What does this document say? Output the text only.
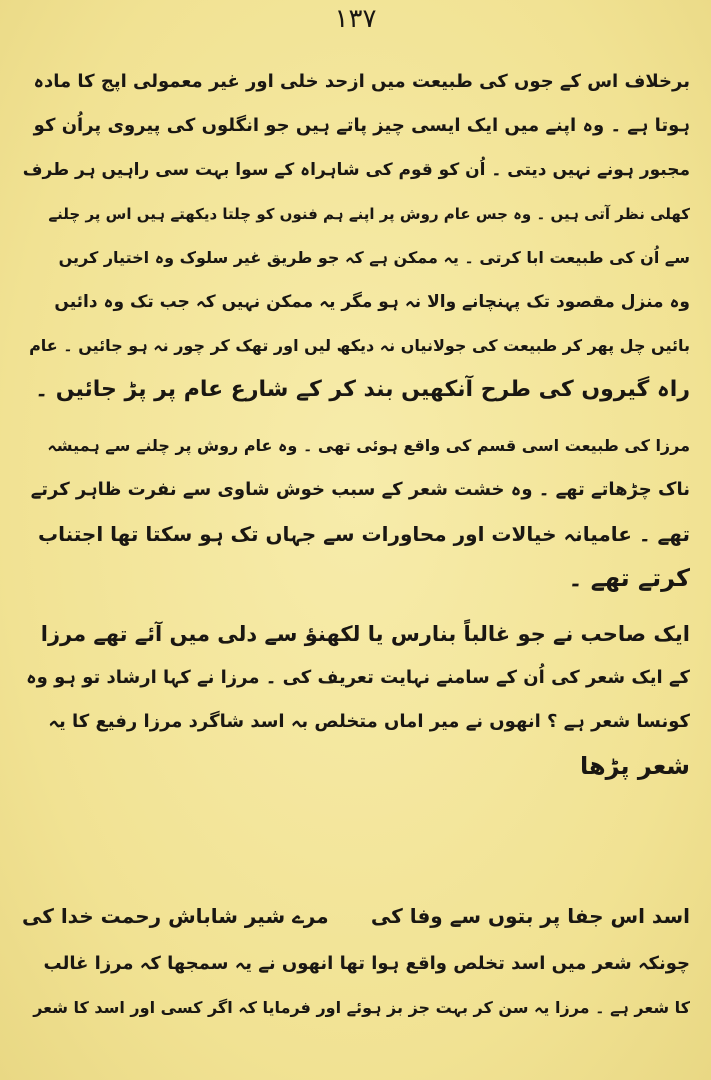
۱۳۷
برخلاف اس کے جوں کی طبیعت میں ازحد خلی اور غیر معمولی اپج کا مادہ
ہوتا ہے ۔ وہ اپنے میں ایک ایسی چیز پاتے ہیں جو انگلوں کی پیروی پراُن کو
مجبور ہونے نہیں دیتی ۔ اُن کو قوم کی شاہراہ کے سوا بہت سی راہیں ہر طرف
کھلی نظر آتی ہیں ۔ وہ جس عام روش پر اپنے ہم فنوں کو چلتا دیکھتے ہیں اس پر چلنے
سے اُن کی طبیعت ابا کرتی ۔ یہ ممکن ہے کہ جو طریق غیر سلوک وہ اختیار کریں
وہ منزل مقصود تک پہنچانے والا نہ ہو مگر یہ ممکن نہیں کہ جب تک وہ دائیں
بائیں چل پھر کر طبیعت کی جولانیاں نہ دیکھ لیں اور تھک کر چور نہ ہو جائیں ۔ عام
راہ گیروں کی طرح آنکھیں بند کر کے شارع عام پر پڑ جائیں ۔
مرزا کی طبیعت اسی قسم کی واقع ہوئی تھی ۔ وہ عام روش پر چلنے سے ہمیشہ
ناک چڑھاتے تھے ۔ وہ خشت شعر کے سبب خوش شاوی سے نفرت ظاہر کرتے
تھے ۔ عامیانہ خیالات اور محاورات سے جہاں تک ہو سکتا تھا اجتناب
کرتے تھے ۔
ایک صاحب نے جو غالباً بنارس یا لکھنؤ سے دلی میں آئے تھے مرزا
کے ایک شعر کی اُن کے سامنے نہایت تعریف کی ۔ مرزا نے کہا ارشاد تو ہو وہ
کونسا شعر ہے ؟ انھوں نے میر اماں متخلص بہ اسد شاگرد مرزا رفیع کا یہ
شعر پڑھا
اسد اس جفا پر بتوں سے وفا کی
مرے شیر شاباش رحمت خدا کی
چونکہ شعر میں اسد تخلص واقع ہوا تھا انھوں نے یہ سمجھا کہ مرزا غالب
کا شعر ہے ۔ مرزا یہ سن کر بہت جز بز ہوئے اور فرمایا کہ اگر کسی اور اسد کا شعر
